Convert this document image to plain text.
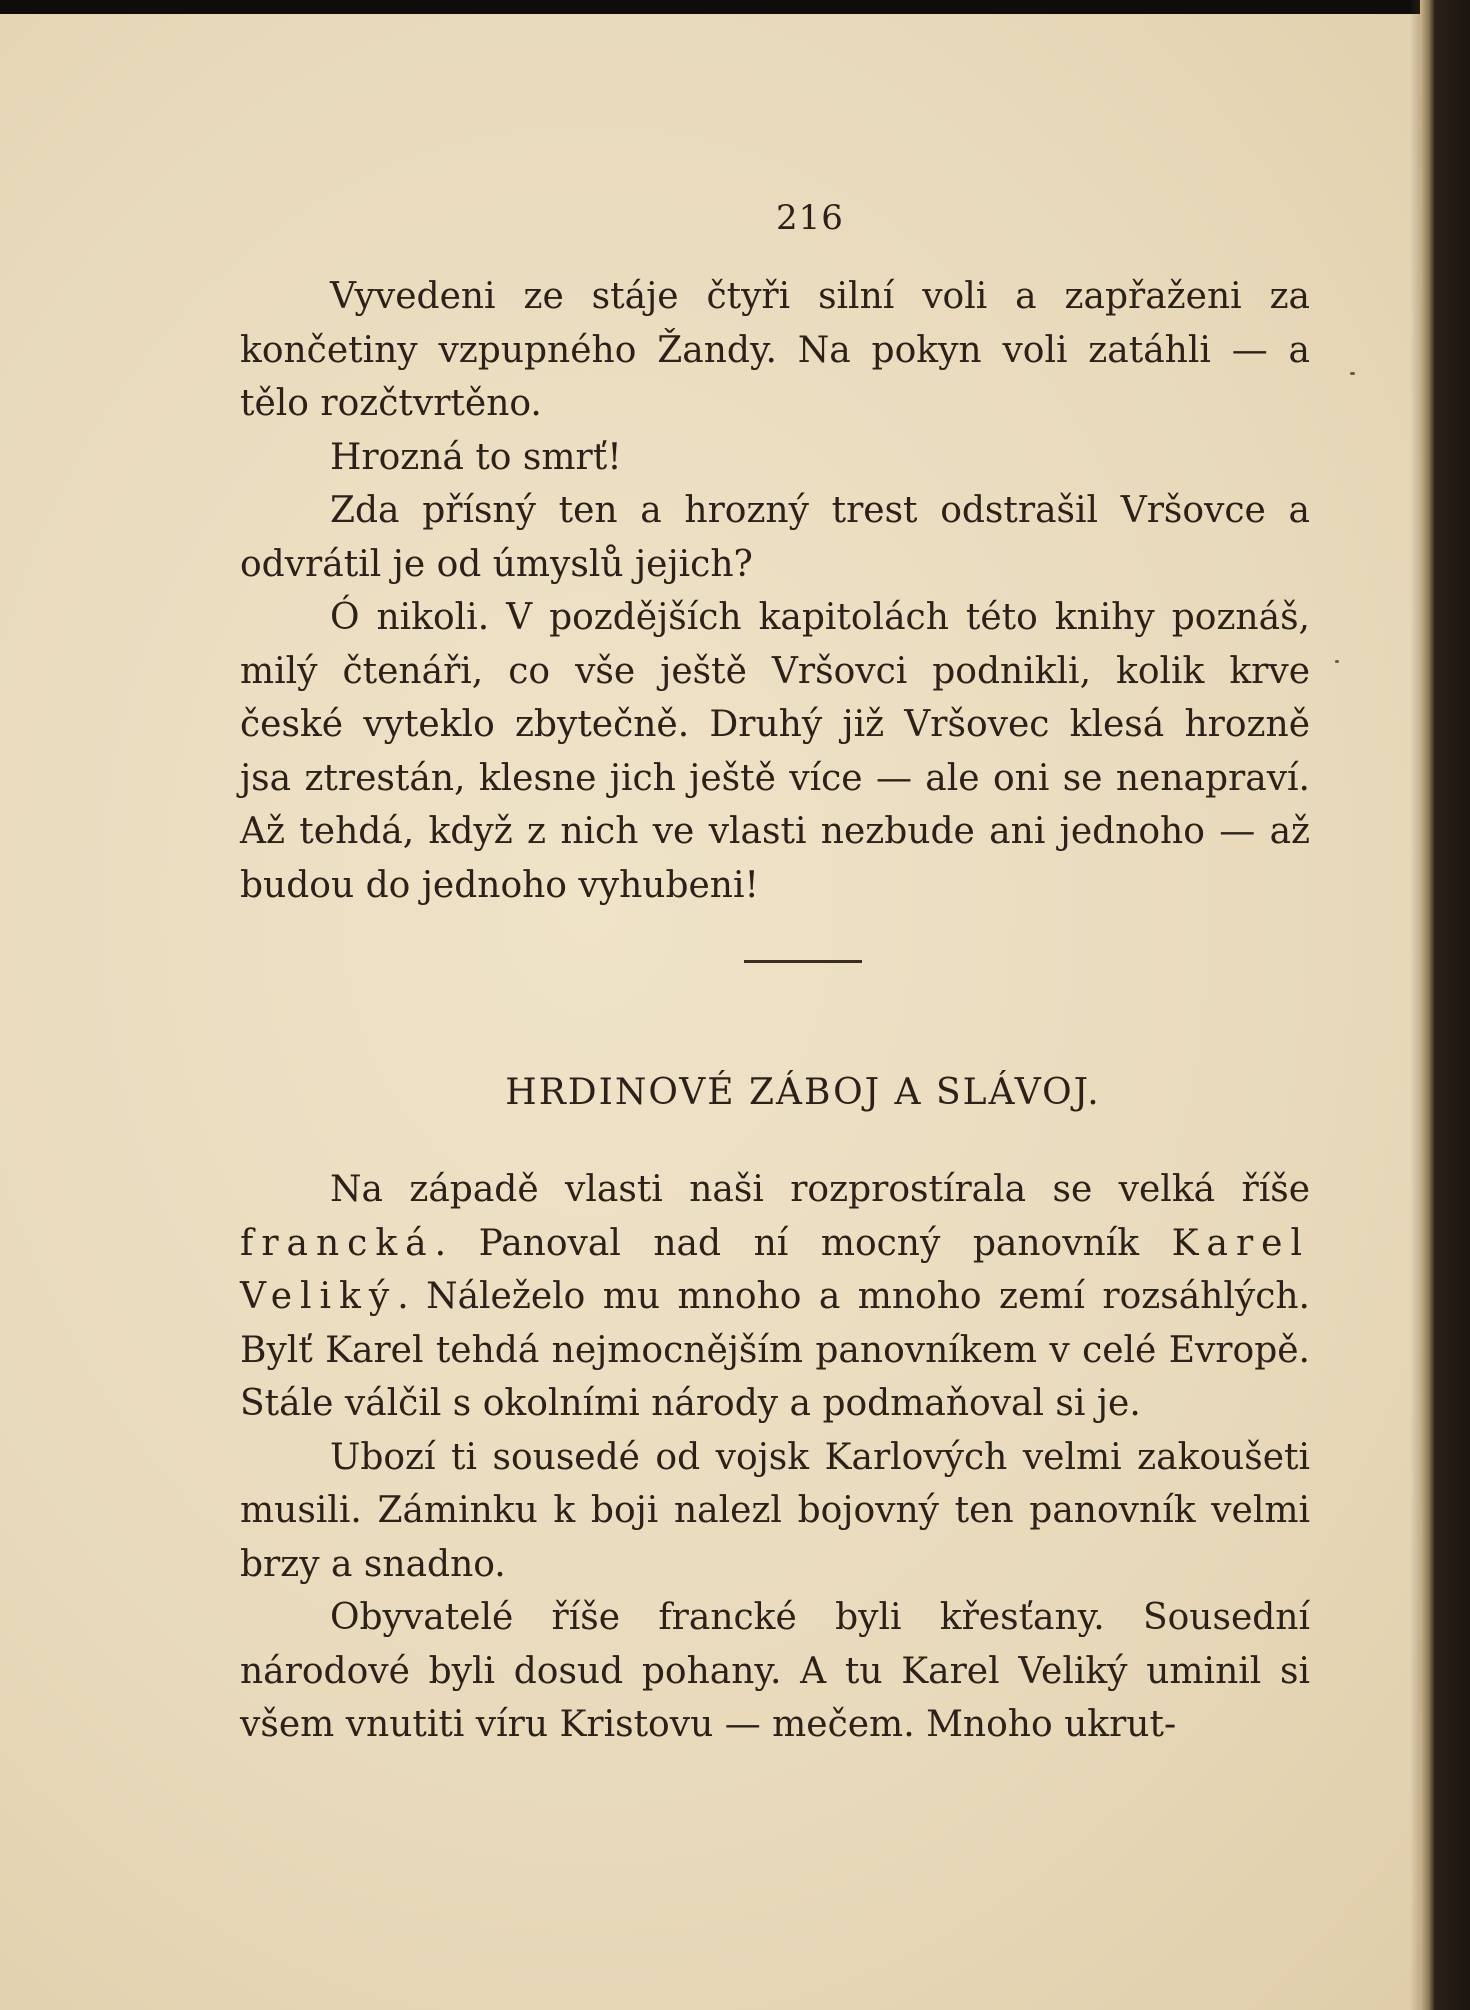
216

Vyvedeni ze stáje čtyři silní voli a zapřaženi za končetiny vzpupného Žandy. Na pokyn voli zatáhli — a tělo rozčtvrtěno.

Hrozná to smrť!

Zda přísný ten a hrozný trest odstrašil Vršovce a odvrátil je od úmyslů jejich?

Ó nikoli. V pozdějších kapitolách této knihy poznáš, milý čtenáři, co vše ještě Vršovci podnikli, kolik krve české vyteklo zbytečně. Druhý již Vršovec klesá hrozně jsa ztrestán, klesne jich ještě více — ale oni se nenapraví. Až tehdá, když z nich ve vlasti nezbude ani jednoho — až budou do jednoho vyhubeni!

HRDINOVÉ ZÁBOJ A SLÁVOJ.

Na západě vlasti naši rozprostírala se velká říše francká. Panoval nad ní mocný panovník Karel Veliký. Náleželo mu mnoho a mnoho zemí rozsáhlých. Bylť Karel tehdá nejmocnějším panovníkem v celé Evropě. Stále válčil s okolními národy a podmaňoval si je.

Ubozí ti sousedé od vojsk Karlových velmi zakoušeti musili. Záminku k boji nalezl bojovný ten panovník velmi brzy a snadno.

Obyvatelé říše francké byli křesťany. Sousední národové byli dosud pohany. A tu Karel Veliký uminil si všem vnutiti víru Kristovu — mečem. Mnoho ukrut-
